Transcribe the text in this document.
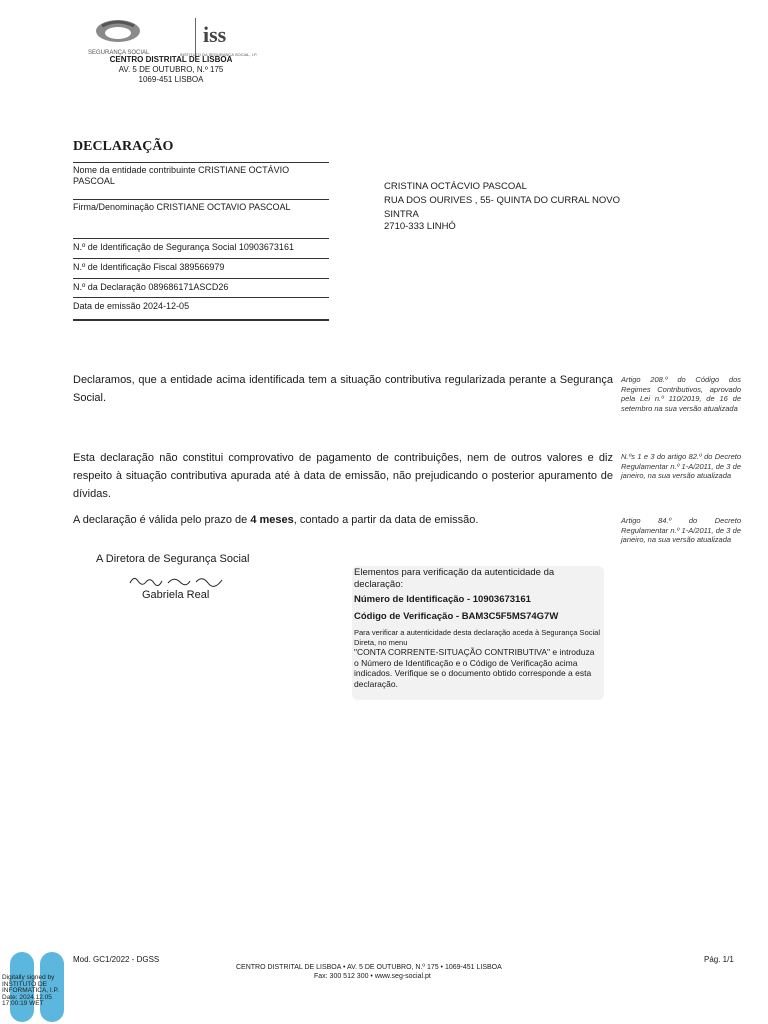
SEGURANÇA SOCIAL
iss
INSTITUTO DA SEGURANÇA SOCIAL, I.P.
CENTRO DISTRITAL DE LISBOA
AV. 5 DE OUTUBRO, N.º 175
1069-451 LISBOA
DECLARAÇÃO
Nome da entidade contribuinte CRISTIANE OCTÁVIO PASCOAL
Firma/Denominação CRISTIANE OCTAVIO PASCOAL
N.º de Identificação de Segurança Social 10903673161
N.º de Identificação Fiscal 389566979
N.º da Declaração 089686171ASCD26
Data de emissão 2024-12-05
CRISTINA OCTÁCVIO PASCOAL
RUA DOS OURIVES , 55- QUINTA DO CURRAL NOVO
SINTRA
2710-333 LINHÓ
Declaramos, que a entidade acima identificada tem a situação contributiva regularizada perante a Segurança Social.
Esta declaração não constitui comprovativo de pagamento de contribuições, nem de outros valores e diz respeito à situação contributiva apurada até à data de emissão, não prejudicando o posterior apuramento de dívidas.
A declaração é válida pelo prazo de 4 meses, contado a partir da data de emissão.
Artigo 208.º do Código dos Regimes Contributivos, aprovado pela Lei n.º 110/2019, de 16 de setembro na sua versão atualizada
N.ºs 1 e 3 do artigo 82.º do Decreto Regulamentar n.º 1-A/2011, de 3 de janeiro, na sua versão atualizada
Artigo 84.º do Decreto Regulamentar n.º 1-A/2011, de 3 de janeiro, na sua versão atualizada
A Diretora de Segurança Social
Gabriela Real
Elementos para verificação da autenticidade da declaração:
Número de Identificação - 10903673161
Código de Verificação - BAM3C5F5MS74G7W
Para verificar a autenticidade desta declaração aceda à Segurança Social Direta, no menu
"CONTA CORRENTE-SITUAÇÃO CONTRIBUTIVA" e introduza o Número de Identificação e o Código de Verificação acima indicados. Verifique se o documento obtido corresponde a esta declaração.
Mod. GC1/2022 - DGSS	Pág. 1/1
CENTRO DISTRITAL DE LISBOA • AV. 5 DE OUTUBRO, N.º 175 • 1069-451 LISBOA
Fax: 300 512 300 • www.seg-social.pt
Digitally signed by INSTITUTO DE INFORMATICA, I.P. Date: 2024.12.05 17:00:19 WET
